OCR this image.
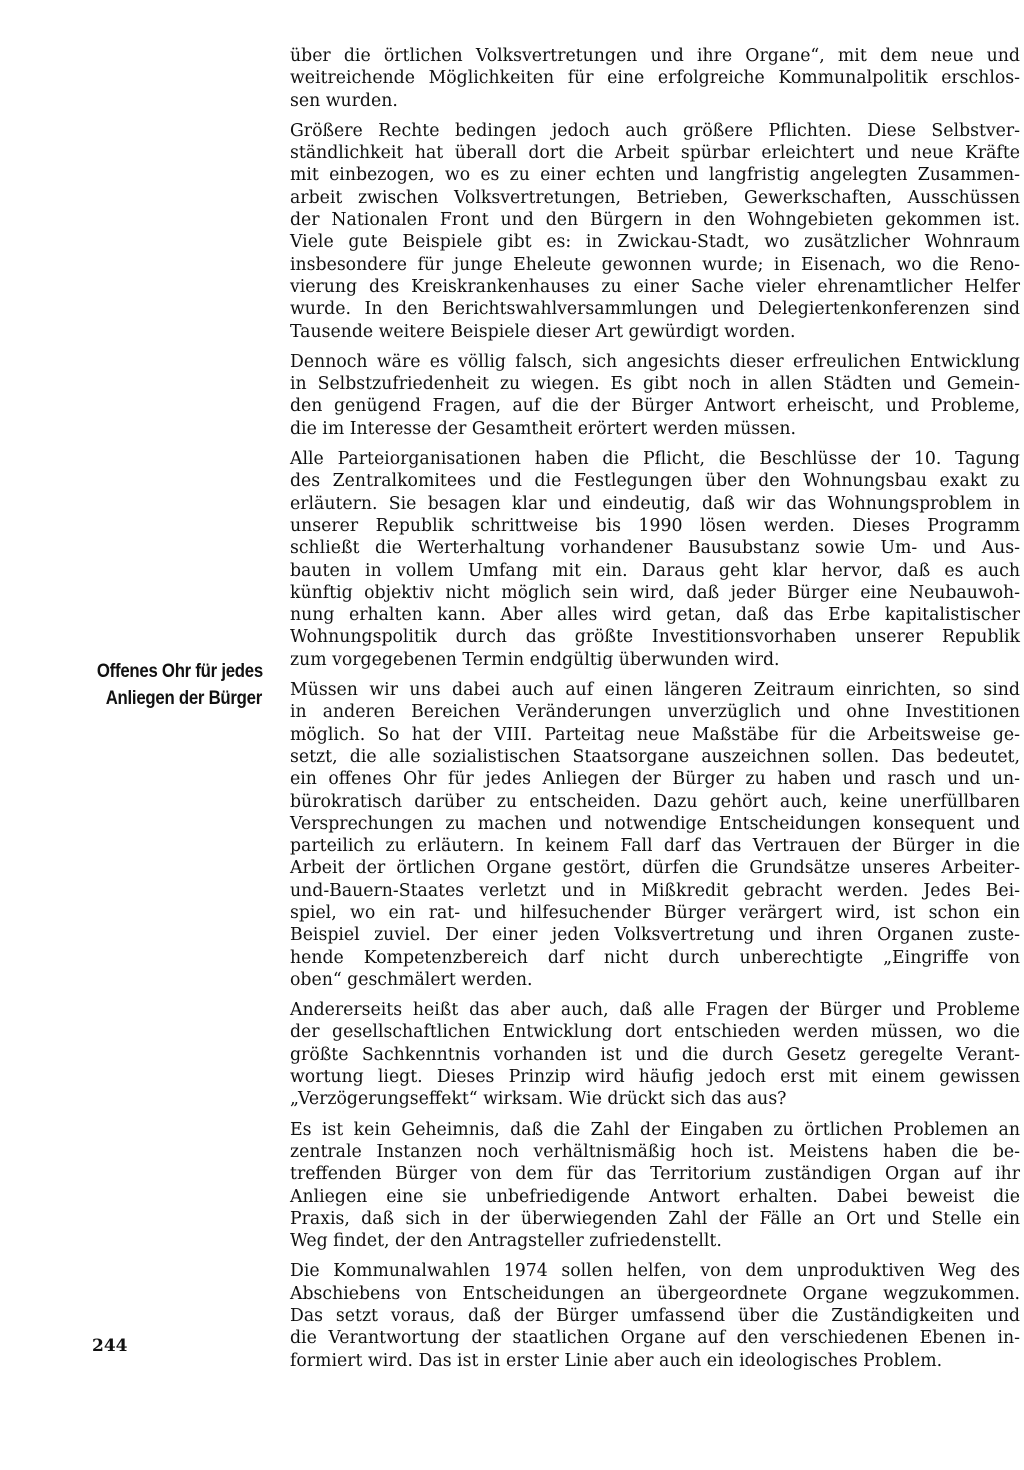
Offenes Ohr für jedes
Anliegen der Bürger
über die örtlichen Volksvertretungen und ihre Organe“, mit dem neue und
weitreichende Möglichkeiten für eine erfolgreiche Kommunalpolitik erschlos-
sen wurden.
Größere Rechte bedingen jedoch auch größere Pflichten. Diese Selbstver-
ständlichkeit hat überall dort die Arbeit spürbar erleichtert und neue Kräfte
mit einbezogen, wo es zu einer echten und langfristig angelegten Zusammen-
arbeit zwischen Volksvertretungen, Betrieben, Gewerkschaften, Ausschüssen
der Nationalen Front und den Bürgern in den Wohngebieten gekommen ist.
Viele gute Beispiele gibt es: in Zwickau-Stadt, wo zusätzlicher Wohnraum
insbesondere für junge Eheleute gewonnen wurde; in Eisenach, wo die Reno-
vierung des Kreiskrankenhauses zu einer Sache vieler ehrenamtlicher Helfer
wurde. In den Berichtswahlversammlungen und Delegiertenkonferenzen sind
Tausende weitere Beispiele dieser Art gewürdigt worden.
Dennoch wäre es völlig falsch, sich angesichts dieser erfreulichen Entwicklung
in Selbstzufriedenheit zu wiegen. Es gibt noch in allen Städten und Gemein-
den genügend Fragen, auf die der Bürger Antwort erheischt, und Probleme,
die im Interesse der Gesamtheit erörtert werden müssen.
Alle Parteiorganisationen haben die Pflicht, die Beschlüsse der 10. Tagung
des Zentralkomitees und die Festlegungen über den Wohnungsbau exakt zu
erläutern. Sie besagen klar und eindeutig, daß wir das Wohnungsproblem in
unserer Republik schrittweise bis 1990 lösen werden. Dieses Programm
schließt die Werterhaltung vorhandener Bausubstanz sowie Um- und Aus-
bauten in vollem Umfang mit ein. Daraus geht klar hervor, daß es auch
künftig objektiv nicht möglich sein wird, daß jeder Bürger eine Neubauwoh-
nung erhalten kann. Aber alles wird getan, daß das Erbe kapitalistischer
Wohnungspolitik durch das größte Investitionsvorhaben unserer Republik
zum vorgegebenen Termin endgültig überwunden wird.
Müssen wir uns dabei auch auf einen längeren Zeitraum einrichten, so sind
in anderen Bereichen Veränderungen unverzüglich und ohne Investitionen
möglich. So hat der VIII. Parteitag neue Maßstäbe für die Arbeitsweise ge-
setzt, die alle sozialistischen Staatsorgane auszeichnen sollen. Das bedeutet,
ein offenes Ohr für jedes Anliegen der Bürger zu haben und rasch und un-
bürokratisch darüber zu entscheiden. Dazu gehört auch, keine unerfüllbaren
Versprechungen zu machen und notwendige Entscheidungen konsequent und
parteilich zu erläutern. In keinem Fall darf das Vertrauen der Bürger in die
Arbeit der örtlichen Organe gestört, dürfen die Grundsätze unseres Arbeiter-
und-Bauern-Staates verletzt und in Mißkredit gebracht werden. Jedes Bei-
spiel, wo ein rat- und hilfesuchender Bürger verärgert wird, ist schon ein
Beispiel zuviel. Der einer jeden Volksvertretung und ihren Organen zuste-
hende Kompetenzbereich darf nicht durch unberechtigte „Eingriffe von
oben“ geschmälert werden.
Andererseits heißt das aber auch, daß alle Fragen der Bürger und Probleme
der gesellschaftlichen Entwicklung dort entschieden werden müssen, wo die
größte Sachkenntnis vorhanden ist und die durch Gesetz geregelte Verant-
wortung liegt. Dieses Prinzip wird häufig jedoch erst mit einem gewissen
„Verzögerungseffekt“ wirksam. Wie drückt sich das aus?
Es ist kein Geheimnis, daß die Zahl der Eingaben zu örtlichen Problemen an
zentrale Instanzen noch verhältnismäßig hoch ist. Meistens haben die be-
treffenden Bürger von dem für das Territorium zuständigen Organ auf ihr
Anliegen eine sie unbefriedigende Antwort erhalten. Dabei beweist die
Praxis, daß sich in der überwiegenden Zahl der Fälle an Ort und Stelle ein
Weg findet, der den Antragsteller zufriedenstellt.
Die Kommunalwahlen 1974 sollen helfen, von dem unproduktiven Weg des
Abschiebens von Entscheidungen an übergeordnete Organe wegzukommen.
Das setzt voraus, daß der Bürger umfassend über die Zuständigkeiten und
die Verantwortung der staatlichen Organe auf den verschiedenen Ebenen in-
formiert wird. Das ist in erster Linie aber auch ein ideologisches Problem.
244
